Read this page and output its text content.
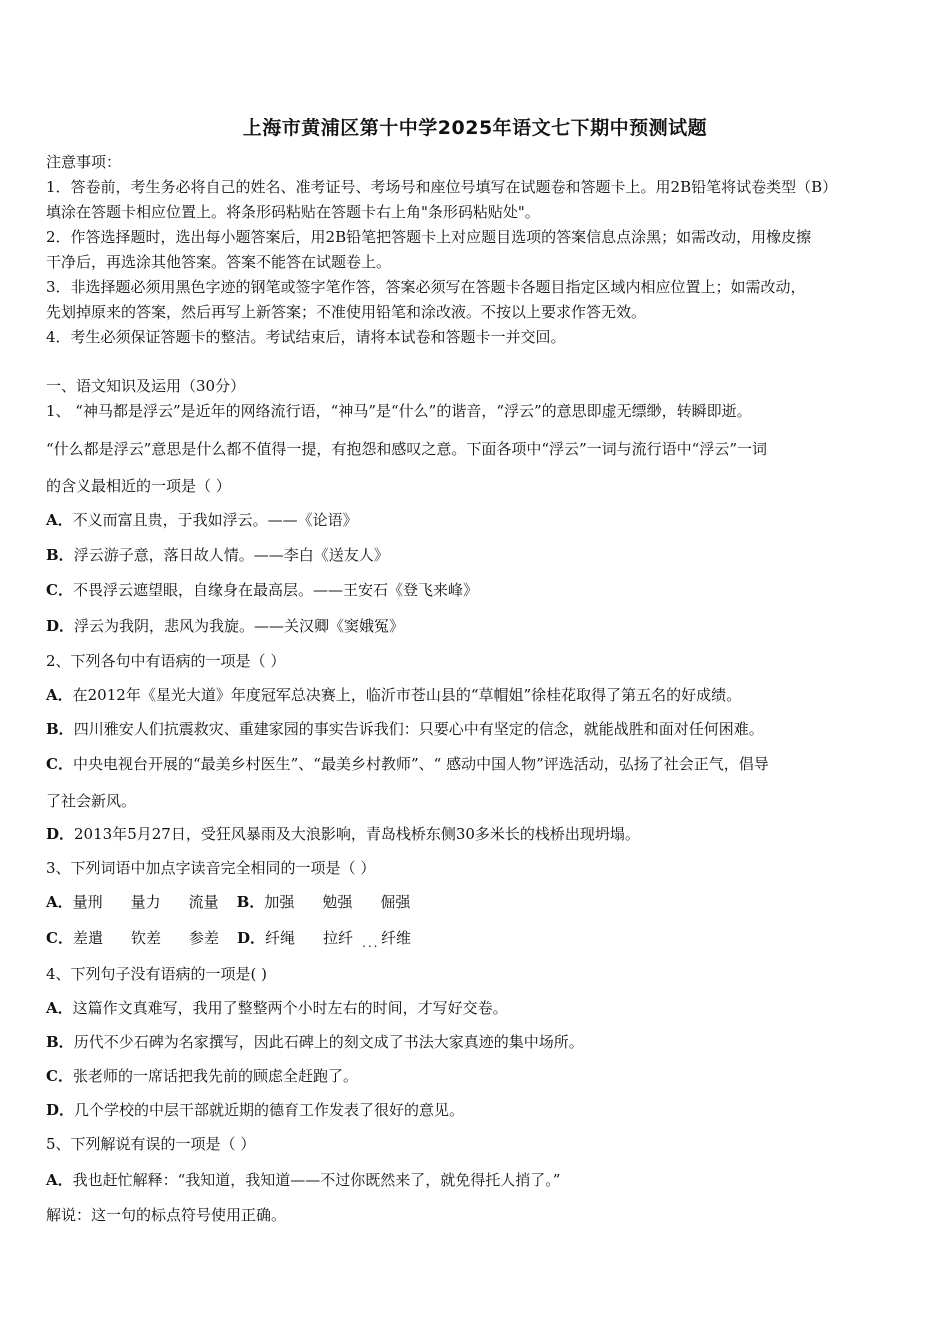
上海市黄浦区第十中学2025年语文七下期中预测试题
注意事项：
1．答卷前，考生务必将自己的姓名、准考证号、考场号和座位号填写在试题卷和答题卡上。用2B铅笔将试卷类型（B）
填涂在答题卡相应位置上。将条形码粘贴在答题卡右上角"条形码粘贴处"。
2．作答选择题时，选出每小题答案后，用2B铅笔把答题卡上对应题目选项的答案信息点涂黑；如需改动，用橡皮擦
干净后，再选涂其他答案。答案不能答在试题卷上。
3．非选择题必须用黑色字迹的钢笔或签字笔作答，答案必须写在答题卡各题目指定区域内相应位置上；如需改动，
先划掉原来的答案，然后再写上新答案；不准使用铅笔和涂改液。不按以上要求作答无效。
4．考生必须保证答题卡的整洁。考试结束后，请将本试卷和答题卡一并交回。
一、语文知识及运用（30分）
1、 “神马都是浮云”是近年的网络流行语，“神马”是“什么”的谐音，“浮云”的意思即虚无缥缈，转瞬即逝。
“什么都是浮云”意思是什么都不值得一提，有抱怨和感叹之意。下面各项中“浮云”一词与流行语中“浮云”一词
的含义最相近的一项是（ ）
A．不义而富且贵，于我如浮云。——《论语》
B．浮云游子意，落日故人情。——李白《送友人》
C．不畏浮云遮望眼，自缘身在最高层。——王安石《登飞来峰》
D．浮云为我阴，悲风为我旋。——关汉卿《窦娥冤》
2、下列各句中有语病的一项是（ ）
A．在2012年《星光大道》年度冠军总决赛上，临沂市苍山县的“草帽姐”徐桂花取得了第五名的好成绩。
B．四川雅安人们抗震救灾、重建家园的事实告诉我们：只要心中有坚定的信念，就能战胜和面对任何困难。
C．中央电视台开展的“最美乡村医生”、“最美乡村教师”、“ 感动中国人物”评选活动，弘扬了社会正气，倡导
了社会新风。
D．2013年5月27日，受狂风暴雨及大浪影响，青岛栈桥东侧30多米长的栈桥出现坍塌。
3、下列词语中加点字读音完全相同的一项是（ ）
A．量刑 量力 流量 B．加强 勉强 倔强
C．差遣 钦差 参差 D．纤绳 拉纤 纤维
...
4、下列句子没有语病的一项是( )
A．这篇作文真难写，我用了整整两个小时左右的时间，才写好交卷。
B．历代不少石碑为名家撰写，因此石碑上的刻文成了书法大家真迹的集中场所。
C．张老师的一席话把我先前的顾虑全赶跑了。
D．几个学校的中层干部就近期的德育工作发表了很好的意见。
5、下列解说有误的一项是（ ）
A．我也赶忙解释：“我知道，我知道——不过你既然来了，就免得托人捎了。”
解说：这一句的标点符号使用正确。
